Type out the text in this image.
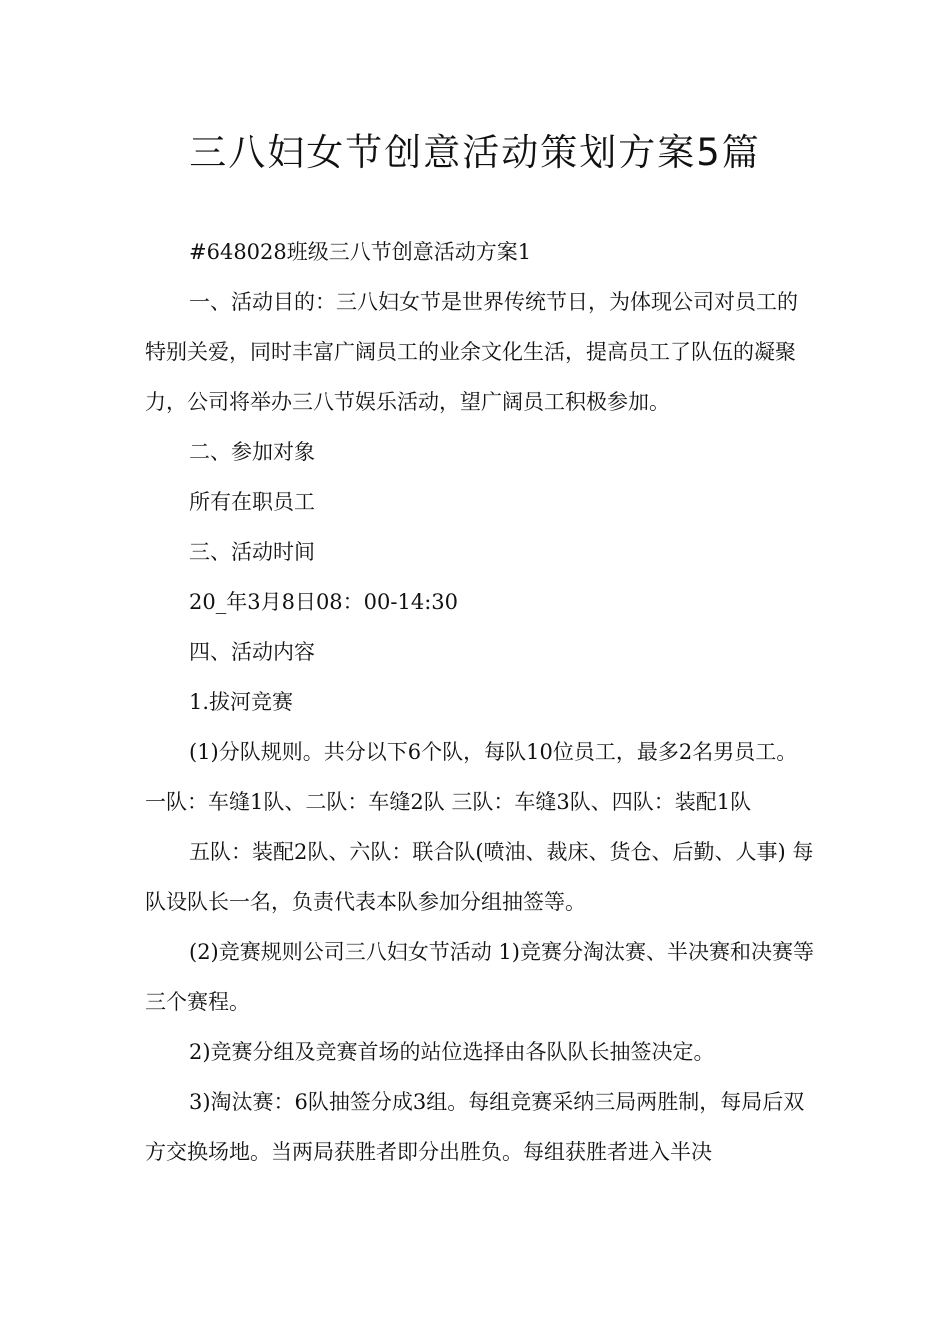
三八妇女节创意活动策划方案5篇

#648028班级三八节创意活动方案1

一、活动目的：三八妇女节是世界传统节日，为体现公司对员工的特别关爱，同时丰富广阔员工的业余文化生活，提高员工了队伍的凝聚力，公司将举办三八节娱乐活动，望广阔员工积极参加。

二、参加对象

所有在职员工

三、活动时间

20_年3月8日08：00-14:30

四、活动内容

1.拔河竞赛

(1)分队规则。共分以下6个队，每队10位员工，最多2名男员工。 一队：车缝1队、二队：车缝2队 三队：车缝3队、四队：装配1队

五队：装配2队、六队：联合队(喷油、裁床、货仓、后勤、人事) 每队设队长一名，负责代表本队参加分组抽签等。

(2)竞赛规则公司三八妇女节活动 1)竞赛分淘汰赛、半决赛和决赛等三个赛程。

2)竞赛分组及竞赛首场的站位选择由各队队长抽签决定。

3)淘汰赛：6队抽签分成3组。每组竞赛采纳三局两胜制，每局后双方交换场地。当两局获胜者即分出胜负。每组获胜者进入半决
